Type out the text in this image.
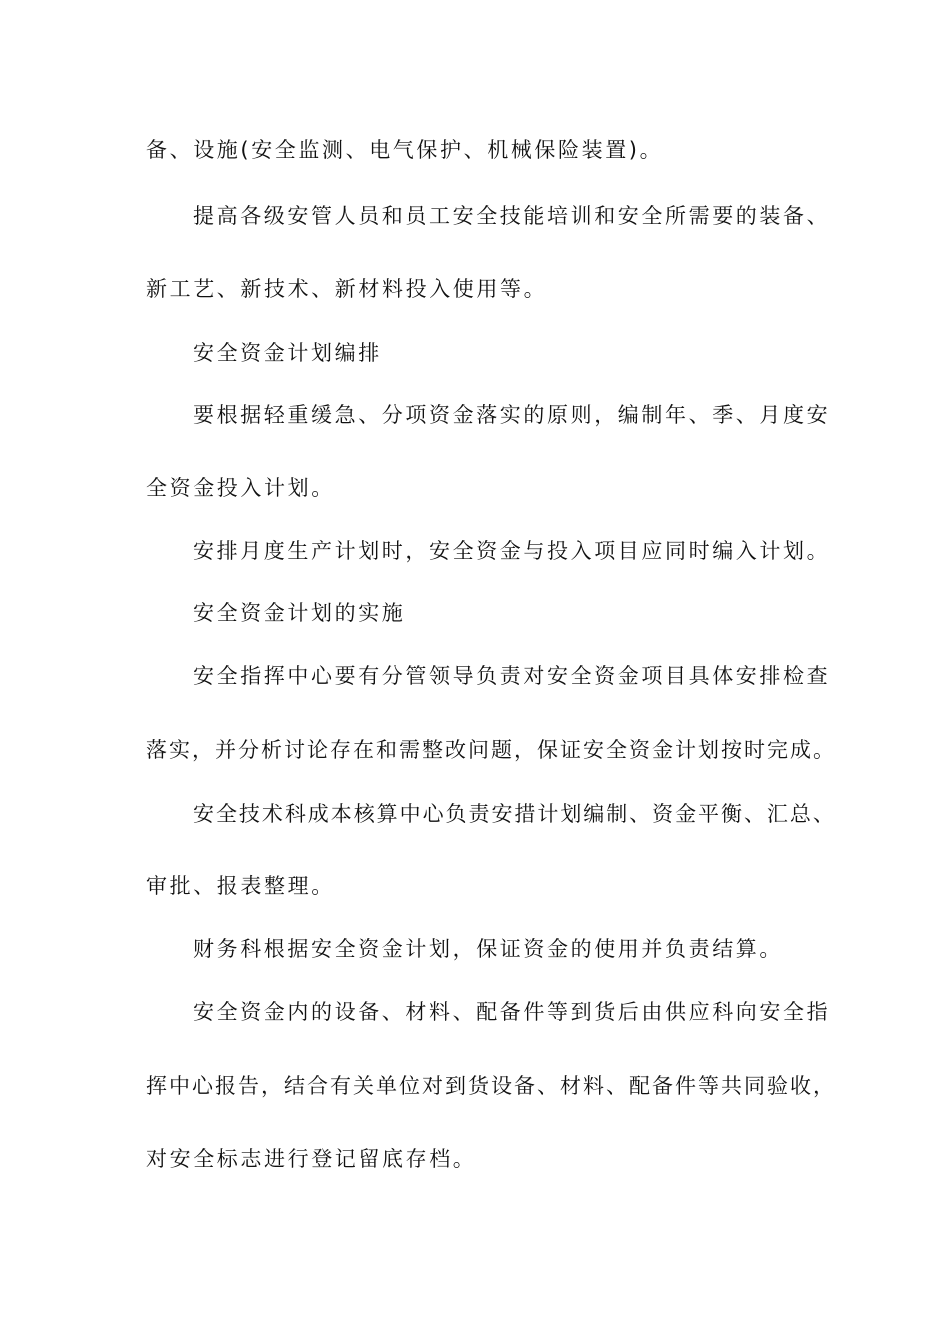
备、设施(安全监测、电气保护、机械保险装置)。
提高各级安管人员和员工安全技能培训和安全所需要的装备、
新工艺、新技术、新材料投入使用等。
安全资金计划编排
要根据轻重缓急、分项资金落实的原则，编制年、季、月度安
全资金投入计划。
安排月度生产计划时，安全资金与投入项目应同时编入计划。
安全资金计划的实施
安全指挥中心要有分管领导负责对安全资金项目具体安排检查
落实，并分析讨论存在和需整改问题，保证安全资金计划按时完成。
安全技术科成本核算中心负责安措计划编制、资金平衡、汇总、
审批、报表整理。
财务科根据安全资金计划，保证资金的使用并负责结算。
安全资金内的设备、材料、配备件等到货后由供应科向安全指
挥中心报告，结合有关单位对到货设备、材料、配备件等共同验收，
对安全标志进行登记留底存档。
